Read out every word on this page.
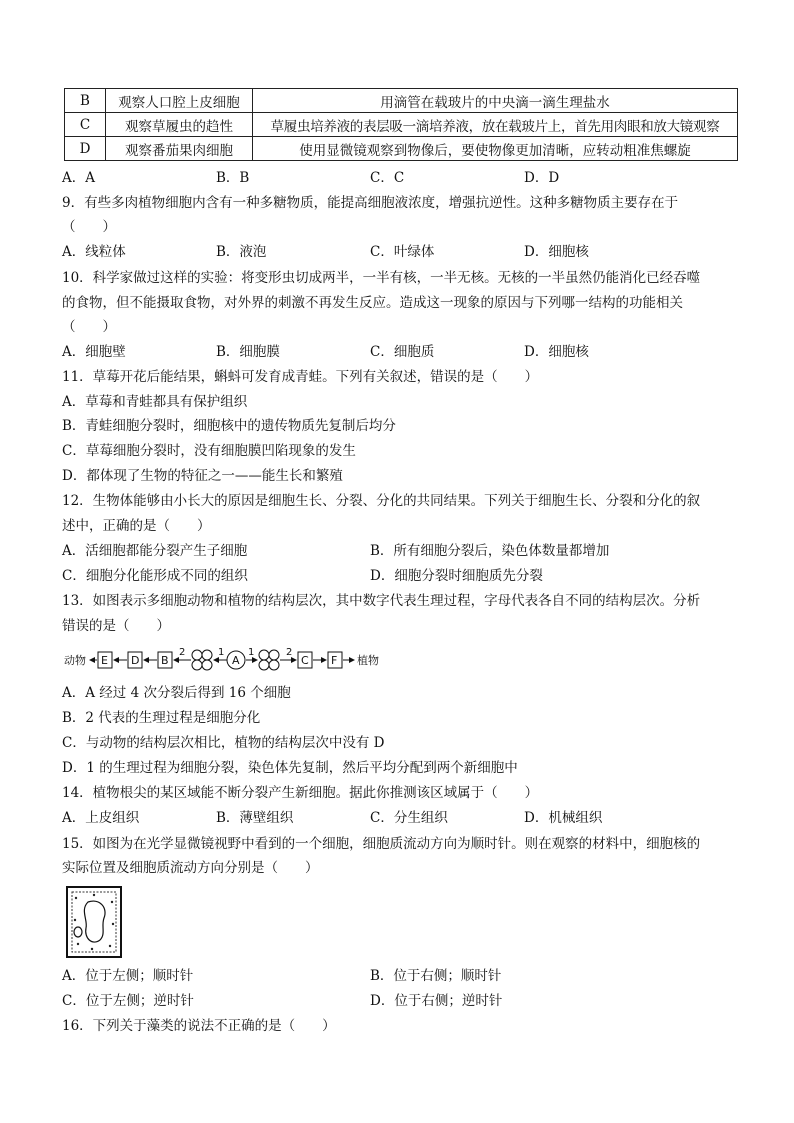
B	观察人口腔上皮细胞	用滴管在载玻片的中央滴一滴生理盐水
C	观察草履虫的趋性	草履虫培养液的表层吸一滴培养液，放在载玻片上，首先用肉眼和放大镜观察
D	观察番茄果肉细胞	使用显微镜观察到物像后，要使物像更加清晰，应转动粗准焦螺旋
A．A	B．B	C．C	D．D
9．有些多肉植物细胞内含有一种多糖物质，能提高细胞液浓度，增强抗逆性。这种多糖物质主要存在于
（　　）
A．线粒体	B．液泡	C．叶绿体	D．细胞核
10．科学家做过这样的实验：将变形虫切成两半，一半有核，一半无核。无核的一半虽然仍能消化已经吞噬
的食物，但不能摄取食物，对外界的刺激不再发生反应。造成这一现象的原因与下列哪一结构的功能相关
（　　）
A．细胞壁	B．细胞膜	C．细胞质	D．细胞核
11．草莓开花后能结果，蝌蚪可发育成青蛙。下列有关叙述，错误的是（　　）
A．草莓和青蛙都具有保护组织
B．青蛙细胞分裂时，细胞核中的遗传物质先复制后均分
C．草莓细胞分裂时，没有细胞膜凹陷现象的发生
D．都体现了生物的特征之一——能生长和繁殖
12．生物体能够由小长大的原因是细胞生长、分裂、分化的共同结果。下列关于细胞生长、分裂和分化的叙
述中，正确的是（　　）
A．活细胞都能分裂产生子细胞	B．所有细胞分裂后，染色体数量都增加
C．细胞分化能形成不同的组织	D．细胞分裂时细胞质先分裂
13．如图表示多细胞动物和植物的结构层次，其中数字代表生理过程，字母代表各自不同的结构层次。分析
错误的是（　　）
动物 E D B
2	1
A
1	2
C F 植物
A．A 经过 4 次分裂后得到 16 个细胞
B．2 代表的生理过程是细胞分化
C．与动物的结构层次相比，植物的结构层次中没有 D
D．1 的生理过程为细胞分裂，染色体先复制，然后平均分配到两个新细胞中
14．植物根尖的某区域能不断分裂产生新细胞。据此你推测该区域属于（　　）
A．上皮组织	B．薄壁组织	C．分生组织	D．机械组织
15．如图为在光学显微镜视野中看到的一个细胞，细胞质流动方向为顺时针。则在观察的材料中，细胞核的
实际位置及细胞质流动方向分别是（　　）
A．位于左侧；顺时针	B．位于右侧；顺时针
C．位于左侧；逆时针	D．位于右侧；逆时针
16．下列关于藻类的说法不正确的是（　　）
